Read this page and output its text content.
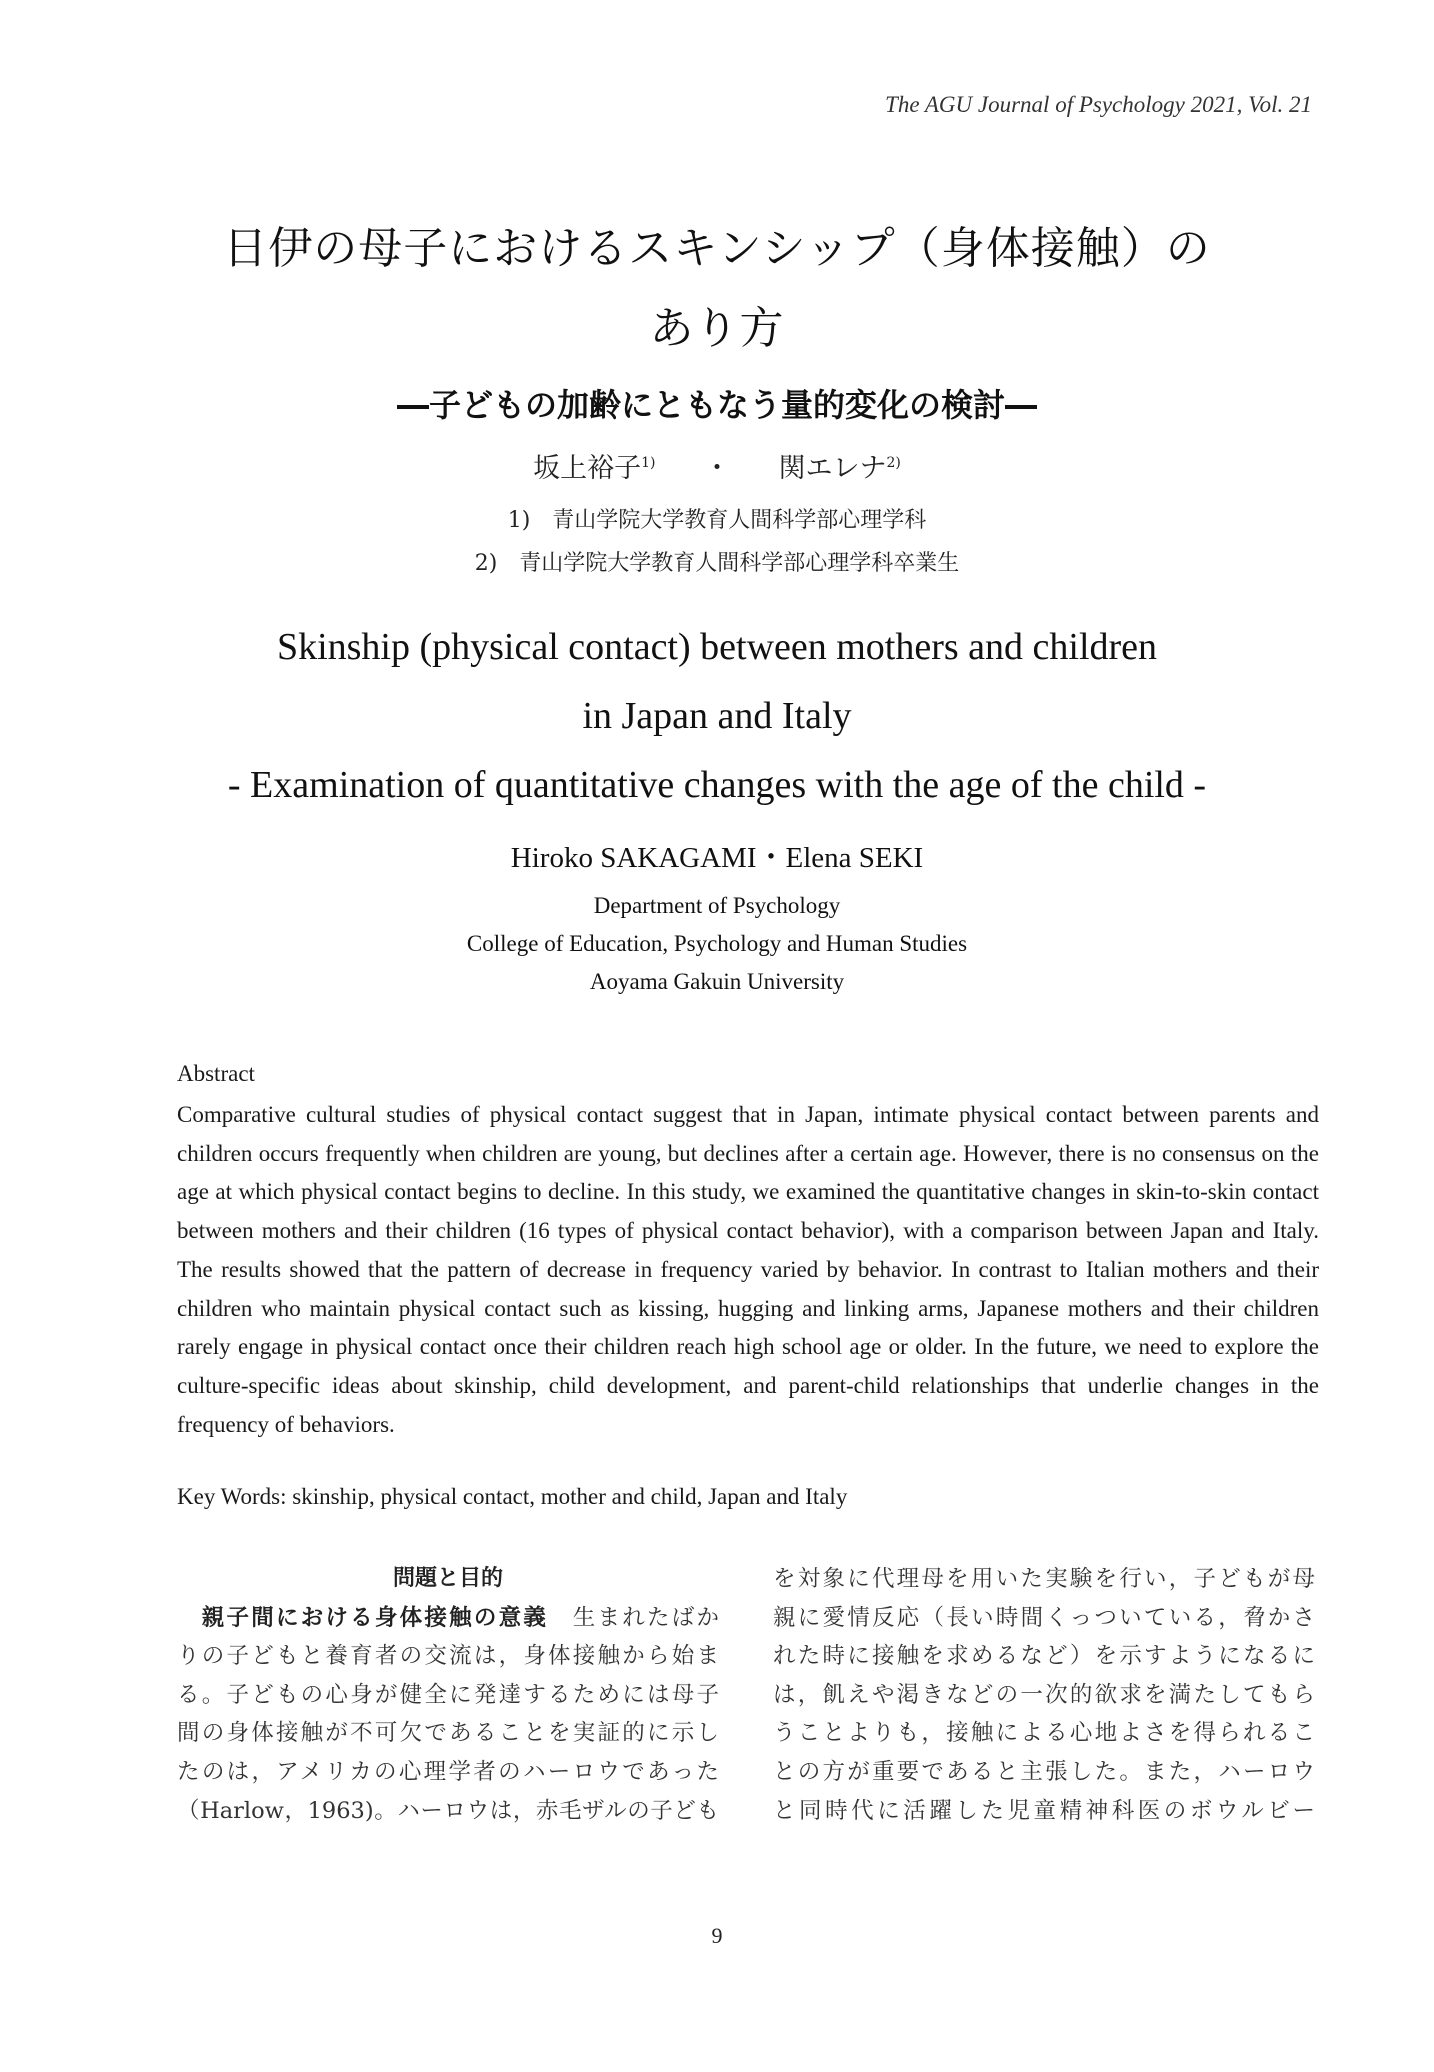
The AGU Journal of Psychology 2021, Vol. 21
日伊の母子におけるスキンシップ（身体接触）の
あり方
―子どもの加齢にともなう量的変化の検討―
坂上裕子$^{1)}$ ・ 関エレナ$^{2)}$
1)　青山学院大学教育人間科学部心理学科
2)　青山学院大学教育人間科学部心理学科卒業生
Skinship (physical contact) between mothers and children
in Japan and Italy
- Examination of quantitative changes with the age of the child -
Hiroko SAKAGAMI・Elena SEKI
Department of Psychology
College of Education, Psychology and Human Studies
Aoyama Gakuin University
Abstract
Comparative cultural studies of physical contact suggest that in Japan, intimate physical contact between parents and children occurs frequently when children are young, but declines after a certain age. However, there is no consensus on the age at which physical contact begins to decline. In this study, we examined the quantitative changes in skin-to-skin contact between mothers and their children (16 types of physical contact behavior), with a comparison between Japan and Italy. The results showed that the pattern of decrease in frequency varied by behavior. In contrast to Italian mothers and their children who maintain physical contact such as kissing, hugging and linking arms, Japanese mothers and their children rarely engage in physical contact once their children reach high school age or older. In the future, we need to explore the culture-specific ideas about skinship, child development, and parent-child relationships that underlie changes in the frequency of behaviors.
Key Words: skinship, physical contact, mother and child, Japan and Italy
問題と目的
　親子間における身体接触の意義　生まれたばか
りの子どもと養育者の交流は，身体接触から始ま
る。子どもの心身が健全に発達するためには母子
間の身体接触が不可欠であることを実証的に示し
たのは，アメリカの心理学者のハーロウであった
（Harlow，1963)。ハーロウは，赤毛ザルの子ども
を対象に代理母を用いた実験を行い，子どもが母
親に愛情反応（長い時間くっついている，脅かさ
れた時に接触を求めるなど）を示すようになるに
は，飢えや渇きなどの一次的欲求を満たしてもら
うことよりも，接触による心地よさを得られるこ
との方が重要であると主張した。また，ハーロウ
と同時代に活躍した児童精神科医のボウルビー
9
